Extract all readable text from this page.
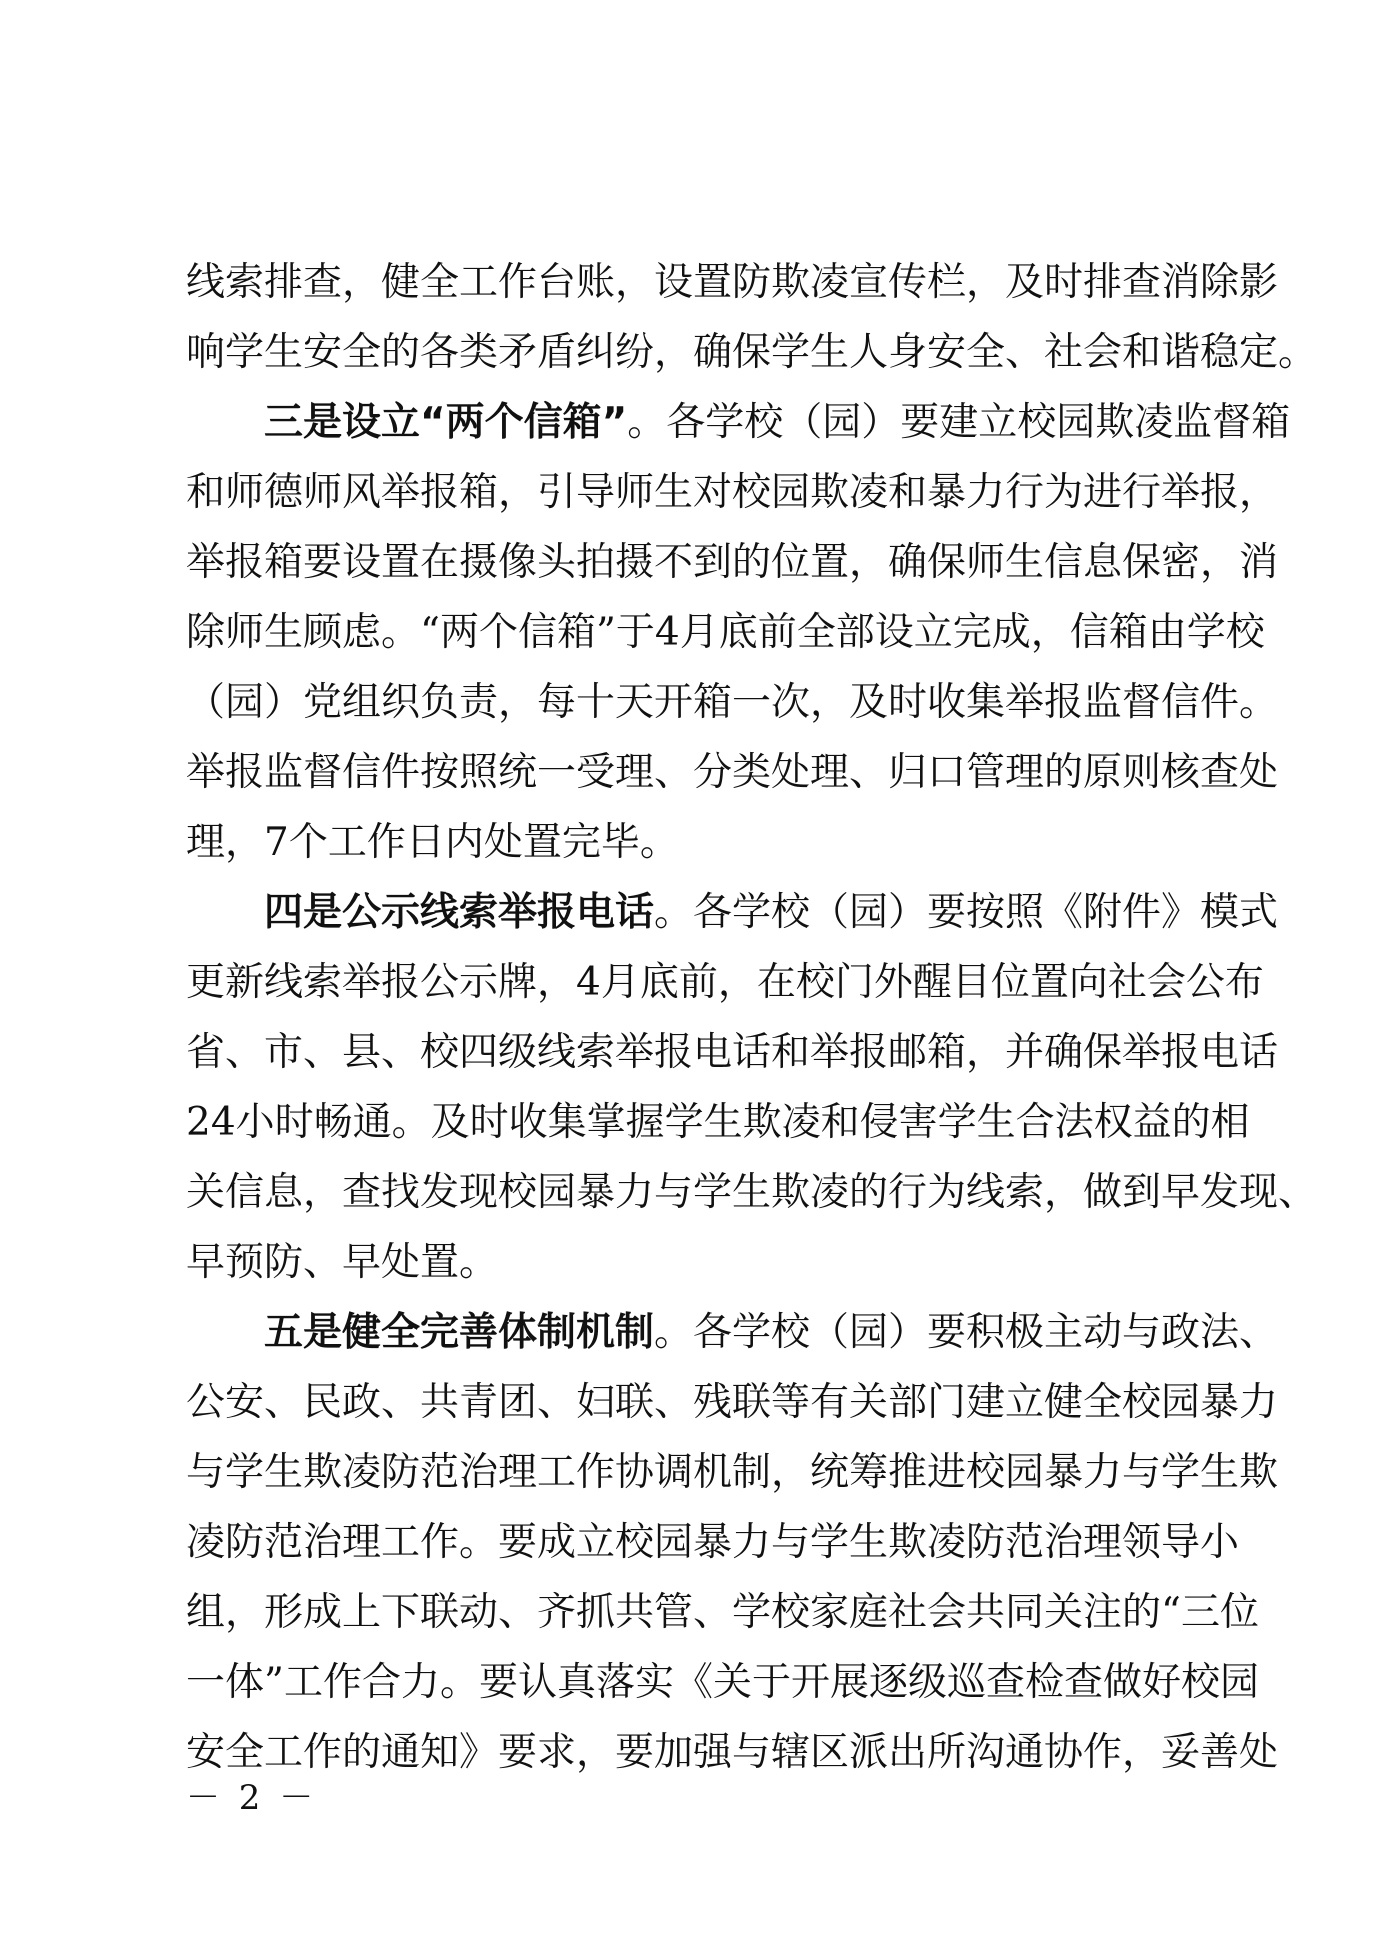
线索排查，健全工作台账，设置防欺凌宣传栏，及时排查消除影
响学生安全的各类矛盾纠纷，确保学生人身安全、社会和谐稳定。
三是设立“两个信箱”。各学校（园）要建立校园欺凌监督箱
和师德师风举报箱，引导师生对校园欺凌和暴力行为进行举报，
举报箱要设置在摄像头拍摄不到的位置，确保师生信息保密，消
除师生顾虑。“两个信箱”于4月底前全部设立完成，信箱由学校
（园）党组织负责，每十天开箱一次，及时收集举报监督信件。
举报监督信件按照统一受理、分类处理、归口管理的原则核查处
理，7个工作日内处置完毕。
四是公示线索举报电话。各学校（园）要按照《附件》模式
更新线索举报公示牌，4月底前，在校门外醒目位置向社会公布
省、市、县、校四级线索举报电话和举报邮箱，并确保举报电话
24小时畅通。及时收集掌握学生欺凌和侵害学生合法权益的相
关信息，查找发现校园暴力与学生欺凌的行为线索，做到早发现、
早预防、早处置。
五是健全完善体制机制。各学校（园）要积极主动与政法、
公安、民政、共青团、妇联、残联等有关部门建立健全校园暴力
与学生欺凌防范治理工作协调机制，统筹推进校园暴力与学生欺
凌防范治理工作。要成立校园暴力与学生欺凌防范治理领导小
组，形成上下联动、齐抓共管、学校家庭社会共同关注的“三位
一体”工作合力。要认真落实《关于开展逐级巡查检查做好校园
安全工作的通知》要求，要加强与辖区派出所沟通协作，妥善处
－ 2 －
